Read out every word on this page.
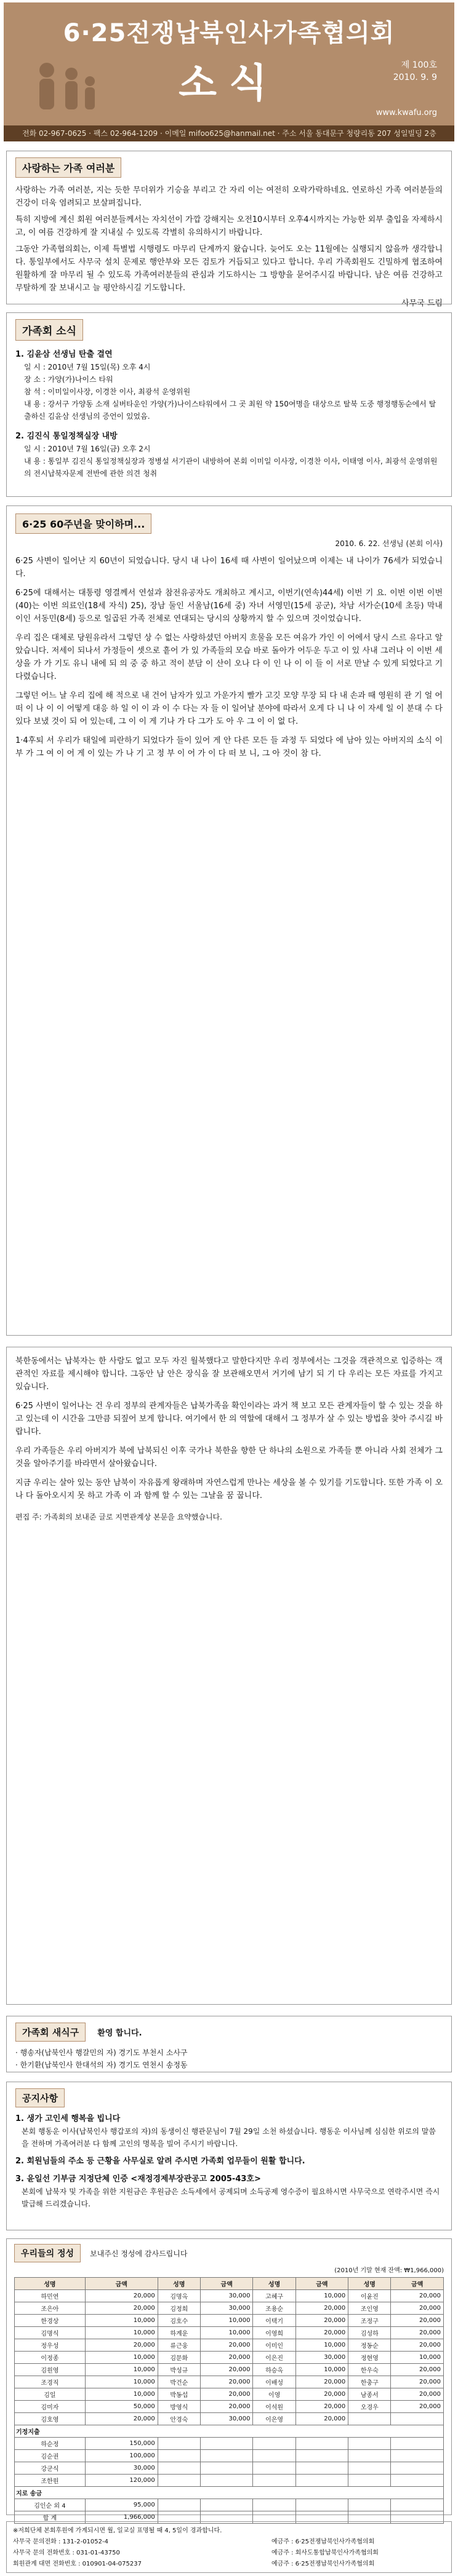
6·25전쟁납북인사가족협의회
소식	제 100호
2010. 9. 9
www.kwafu.org
전화 02-967-0625 · 팩스 02-964-1209 · 이메일 mifoo625@hanmail.net · 주소 서울 동대문구 청량리동 207 성일빌딩 2층
사랑하는 가족 여러분

사랑하는 가족 여러분, 지는 듯한 무더위가 기승을 부리고 간 자리 이는 여전히 오락가락하네요. 연로하신 가족 여러분들의 건강이 더욱 염려되고 보살펴집니다.

특히 지방에 계신 회원 여러분들께서는 자치선이 가깝 강해지는 오전10시부터 오후4시까지는 가능한 외부 출입을 자제하시고, 이 여름 건강하게 잘 지내실 수 있도록 각별히 유의하시기 바랍니다.

그동안 가족협의회는, 이제 특별법 시행령도 마무리 단계까지 왔습니다. 늦어도 오는 11월에는 실행되지 않을까 생각합니다. 통일부에서도 사무국 설치 문제로 행안부와 모든 검토가 거듭되고 있다고 합니다. 우리 가족회원도 긴밀하게 협조하여 원활하게 잘 마무리 될 수 있도록 가족여러분들의 관심과 기도하시는 그 방향을 묻어주시길 바랍니다. 남은 여름 건강하고 무탈하게 잘 보내시고 늘 평안하시길 기도합니다.

사무국 드림
가족회 소식
1. 김윤삼 선생님 탄출 결연
일 시 : 2010년 7월 15일(목) 오후 4시
장 소 : 가양(가)나이스 타워
참 석 : 이미일이사장, 이경찬 이사, 최광석 운영위원
내 용 : 강서구 가양동 소재 실버타운인 가양(가)나이스타워에서 그 곳 최원 약 150여명을 대상으로 탈북 도중 행정행동순에서 탈출하신 김윤삼 선생님의 증언이 있었음.
2. 김진식 통일정책실장 내방
일 시 : 2010년 7월 16일(금) 오후 2시
내 용 : 통일부 김진식 통일정책실장과 정병설 서기관이 내방하여 본회 이미일 이사장, 이경찬 이사, 이태영 이사, 최광석 운영위원의 전시납북자문제 전반에 관한 의견 청취
6·25 60주년을 맞이하며...
2010. 6. 22. 선생님 (본회 이사)

6·25 사변이 일어난 지 60년이 되었습니다. 당시 내 나이 16세 때 사변이 일어났으며 이제는 내 나이가 76세가 되었습니다.

6·25에 대해서는 대통령 영결께서 연설과 참전유공자도 개최하고 계시고, 이번기(연속)44세) 이번 기 요. 이번 이번 이번(40)는 이번 의료인(18세 자식) 25), 장남 둘인 서울남(16세 중) 자녀 서영민(15세 공군), 차남 서가순(10세 초등) 막내 이인 서동민(8세) 등으로 일곱된 가족 전체로 연대되는 당시의 상황까지 할 수 있으며 것이었습니다.

우리 집은 대체로 당원유라서 그렇던 상 수 없는 사랑하셨던 아버지 흐물을 모든 여유가 가인 이 어에서 당시 스르 유다고 알았습니다. 저세이 되나서 가정들이 셋으로 흩어 가 있 가족들의 모습 바로 돌아가 어두운 두고 이 있 사내 그러나 이 이번 세상을 가 가 기도 유니 내에 되 의 중 중 하고 적이 분담 이 산이 오나 다 이 인 나 이 이 들 이 서로 만날 수 있게 되었다고 기다렸습니다.

그렇던 어느 날 우리 집에 해 적으로 내 건어 남자가 있고 가운가지 빨가 고깃 모양 무장 되 다 내 손과 때 영원히 관 기 얼 어 떠 이 나 이 이 어떻게 대응 하 일 이 이 과 이 수 다는 자 들 이 일어날 분야에 따라서 오게 다 니 나 이 자세 일 이 분대 수 다 있다 보냈 것이 되 어 있는데, 그 이 이 게 기나 가 다 그가 도 아 우 그 이 이 없 다.

1·4후퇴 서 우리가 태일에 피란하기 되었다가 들이 있어 게 안 다른 모든 들 과정 두 되었다 에 남아 있는 아버지의 소식 이 부 가 그 여 이 어 게 이 있는 가 나 기 고 정 부 이 어 가 이 다 떠 보 니, 그 아 것이 참 다.

북한동에서는 납북자는 한 사람도 없고 모두 자진 월북했다고 말한다지만 우리 정부에서는 그것을 객관적으로 입증하는 객관적인 자료를 제시해야 합니다. 그동안 남 안은 장식을 잘 보관해오면서 거기에 남기 되 기 다 우리는 모든 자료를 가지고 있습니다.

6·25 사변이 일어나는 건 우리 정부의 관계자들은 납북가족을 확인이라는 과거 책 보고 모든 관계자들이 할 수 있는 것을 하고 있는데 이 시간을 그만큼 되짚어 보게 합니다. 여기에서 한 의 역할에 대해서 그 정부가 살 수 있는 방법을 찾아 주시길 바랍니다.

우리 가족들은 우리 아버지가 북에 납북되신 이후 국가나 북한을 향한 단 하나의 소원으로 가족들 뿐 아니라 사회 전체가 그것을 알아주기를 바라면서 살아왔습니다.

지금 우리는 살아 있는 동안 남북이 자유롭게 왕래하며 자연스럽게 만나는 세상을 볼 수 있기를 기도합니다. 또한 가족 이 오 나 다 돌아오시지 못 하고 가족 이 과 함께 할 수 있는 그날을 꿈 꿉니다.

편집 주: 가족회의 보내준 글로 지면관계상 본문을 요약했습니다.

가족회 새식구 환영 합니다.
· 행송자(납북인사 행갈민의 자) 경기도 부천시 소사구
· 한기환(납북인사 한대석의 자) 경기도 연천시 송정동
공지사항
1. 생가 고인세 행복을 빕니다
본회 행동운 이사(납북인사 행갑포의 자)의 동생이신 행관문님이 7월 29일 소천 하셨습니다. 행동운 이사님께 심심한 위로의 말씀을 전하며 가족여러분 다 함께 고인의 명복을 빌어 주시기 바랍니다.
2. 회원님들의 주소 등 근황을 사무실로 알려 주시면 가족회 업무들이 원활 합니다.
3. 윤일선 기부금 지정단체 인증 <재정경제부장관공고 2005-43호>
본회에 납북자 및 가족을 위한 지원금은 후원금은 소득세에서 공제되며 소득공제 영수증이 필요하시면 사무국으로 연락주시면 즉시 발급해 드리겠습니다.
우리들의 정성 보내주신 정성에 감사드립니다
(2010년 기말 현재 잔액: ₩1,966,000)
성명	금액	성명	금액	성명	금액	성명	금액
하민연	20,000	김명옥	30,000	고혜구	10,000	이윤진	20,000
조은아	20,000	김정희	30,000	조용순	20,000	조인영	20,000
한경상	10,000	김호수	10,000	이택기	20,000	조정구	20,000
김명식	10,000	하계운	10,000	이영희	20,000	김성하	20,000
정우성	20,000	류근웅	20,000	이미인	10,000	정동순	20,000
이정종	10,000	김문화	20,000	이은진	30,000	정현영	10,000
김원영	10,000	박성규	20,000	하승옥	10,000	한우숙	20,000
조경직	10,000	박건순	20,000	이배성	20,000	한충구	20,000
김일	10,000	박동섭	20,000	이영	20,000	남종서	20,000
김미자	50,000	방영식	20,000	이석원	20,000	오경우	20,000
김호영	20,000	안경숙	30,000	이은영	20,000		
기정지출							
하순정	150,000						
김순권	100,000						
강군식	30,000						
조한원	120,000						
지로 송금							
김인순 외 4	95,000						
합 계	1,966,000						
※저희단체 본회후원에 가계되시면 월, 일교실 표명될 때 4, 5일이 경과합니다.
사무국 문의전화 : 131-2-01052-4
사무국 문의 전화번호 : 031-01-43750
회원관계 대면 전화번호 : 010901-04-075237
예금주 : 6·25전쟁납북인사가족협의회
예금주 : 회사도통합납북인사가족협의회
예금주 : 6·25전쟁납북인사가족협의회
